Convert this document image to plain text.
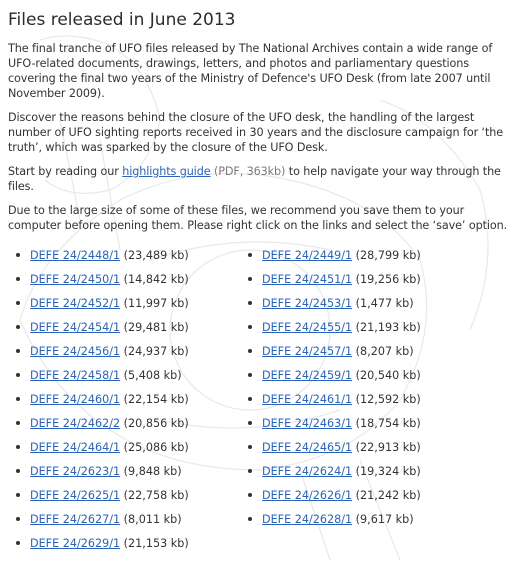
Files released in June 2013

The final tranche of UFO files released by The National Archives contain a wide range of UFO-related documents, drawings, letters, and photos and parliamentary questions covering the final two years of the Ministry of Defence's UFO Desk (from late 2007 until November 2009).

Discover the reasons behind the closure of the UFO desk, the handling of the largest number of UFO sighting reports received in 30 years and the disclosure campaign for ‘the truth’, which was sparked by the closure of the UFO Desk.

Start by reading our highlights guide (PDF, 363kb) to help navigate your way through the files.

Due to the large size of some of these files, we recommend you save them to your computer before opening them. Please right click on the links and select the ‘save’ option.

DEFE 24/2448/1 (23,489 kb)
DEFE 24/2450/1 (14,842 kb)
DEFE 24/2452/1 (11,997 kb)
DEFE 24/2454/1 (29,481 kb)
DEFE 24/2456/1 (24,937 kb)
DEFE 24/2458/1 (5,408 kb)
DEFE 24/2460/1 (22,154 kb)
DEFE 24/2462/2 (20,856 kb)
DEFE 24/2464/1 (25,086 kb)
DEFE 24/2623/1 (9,848 kb)
DEFE 24/2625/1 (22,758 kb)
DEFE 24/2627/1 (8,011 kb)
DEFE 24/2629/1 (21,153 kb)
DEFE 24/2449/1 (28,799 kb)
DEFE 24/2451/1 (19,256 kb)
DEFE 24/2453/1 (1,477 kb)
DEFE 24/2455/1 (21,193 kb)
DEFE 24/2457/1 (8,207 kb)
DEFE 24/2459/1 (20,540 kb)
DEFE 24/2461/1 (12,592 kb)
DEFE 24/2463/1 (18,754 kb)
DEFE 24/2465/1 (22,913 kb)
DEFE 24/2624/1 (19,324 kb)
DEFE 24/2626/1 (21,242 kb)
DEFE 24/2628/1 (9,617 kb)
